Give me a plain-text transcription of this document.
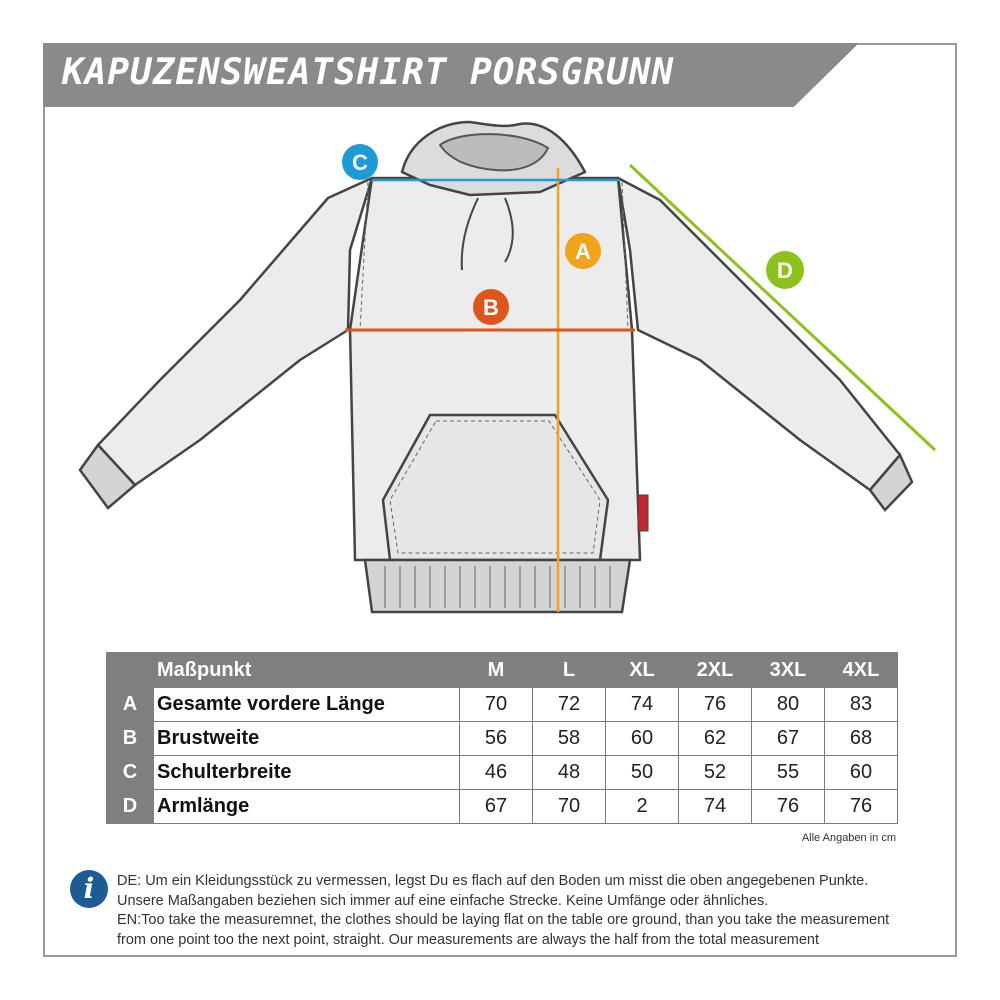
KAPUZENSWEATSHIRT PORSGRUNN
A
B
C
D
	Maßpunkt	M	L	XL	2XL	3XL	4XL
A	Gesamte vordere Länge	70	72	74	76	80	83
B	Brustweite	56	58	60	62	67	68
C	Schulterbreite	46	48	50	52	55	60
D	Armlänge	67	70	2	74	76	76
Alle Angaben in cm
i	DE: Um ein Kleidungsstück zu vermessen, legst Du es flach auf den Boden um misst die oben angegebenen Punkte.
Unsere Maßangaben beziehen sich immer auf eine einfache Strecke. Keine Umfänge oder ähnliches.
EN:Too take the measuremnet, the clothes should be laying flat on the table ore ground, than you take the measurement
from one point too the next point, straight. Our measurements are always the half from the total measurement
